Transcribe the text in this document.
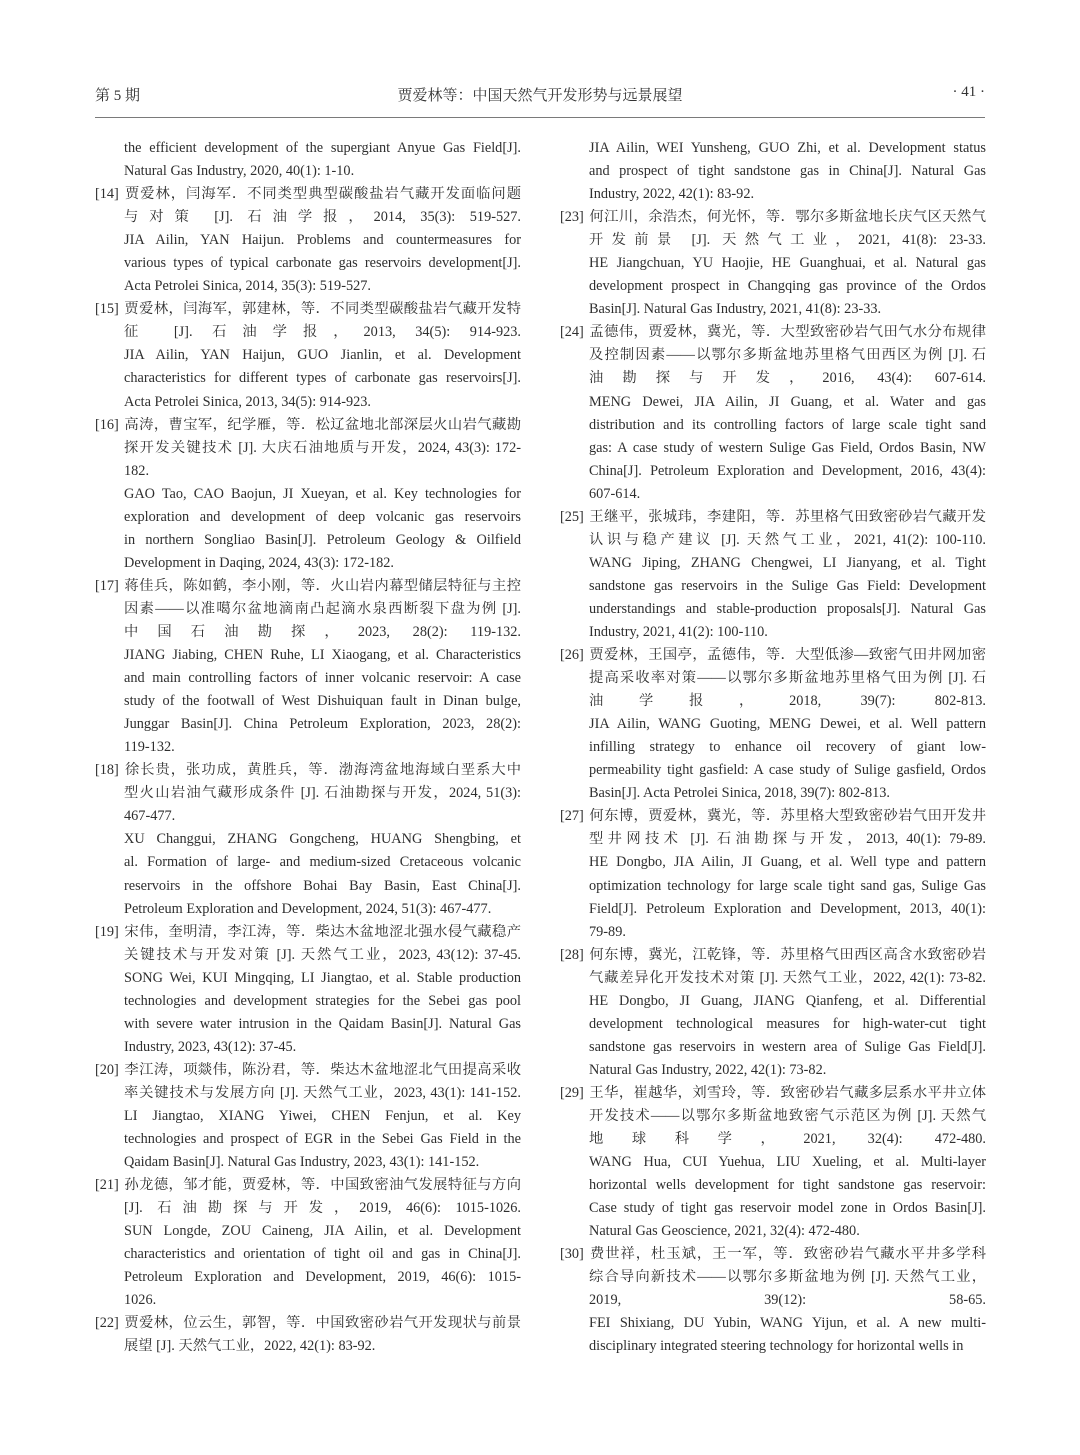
第 5 期	贾爱林等：中国天然气开发形势与远景展望	· 41 ·
the efficient development of the supergiant Anyue Gas Field[J].
Natural Gas Industry, 2020, 40(1): 1-10.
[14] 贾爱林，闫海军．不同类型典型碳酸盐岩气藏开发面临问题
与对策 [J]. 石油学报，2014, 35(3): 519-527.
JIA Ailin, YAN Haijun. Problems and countermeasures for
various types of typical carbonate gas reservoirs development[J].
Acta Petrolei Sinica, 2014, 35(3): 519-527.
[15] 贾爱林，闫海军，郭建林，等．不同类型碳酸盐岩气藏开发特
征 [J]. 石油学报，2013, 34(5): 914-923.
JIA Ailin, YAN Haijun, GUO Jianlin, et al. Development
characteristics for different types of carbonate gas reservoirs[J].
Acta Petrolei Sinica, 2013, 34(5): 914-923.
[16] 高涛，曹宝军，纪学雁，等．松辽盆地北部深层火山岩气藏勘
探开发关键技术 [J]. 大庆石油地质与开发，2024, 43(3): 172-
182.
GAO Tao, CAO Baojun, JI Xueyan, et al. Key technologies for
exploration and development of deep volcanic gas reservoirs
in northern Songliao Basin[J]. Petroleum Geology & Oilfield
Development in Daqing, 2024, 43(3): 172-182.
[17] 蒋佳兵，陈如鹤，李小刚，等．火山岩内幕型储层特征与主控
因素——以准噶尔盆地滴南凸起滴水泉西断裂下盘为例 [J].
中国石油勘探，2023, 28(2): 119-132.
JIANG Jiabing, CHEN Ruhe, LI Xiaogang, et al. Characteristics
and main controlling factors of inner volcanic reservoir: A case
study of the footwall of West Dishuiquan fault in Dinan bulge,
Junggar Basin[J]. China Petroleum Exploration, 2023, 28(2):
119-132.
[18] 徐长贵，张功成，黄胜兵，等．渤海湾盆地海域白垩系大中
型火山岩油气藏形成条件 [J]. 石油勘探与开发，2024, 51(3):
467-477.
XU Changgui, ZHANG Gongcheng, HUANG Shengbing, et
al. Formation of large- and medium-sized Cretaceous volcanic
reservoirs in the offshore Bohai Bay Basin, East China[J].
Petroleum Exploration and Development, 2024, 51(3): 467-477.
[19] 宋伟，奎明清，李江涛，等．柴达木盆地涩北强水侵气藏稳产
关键技术与开发对策 [J]. 天然气工业，2023, 43(12): 37-45.
SONG Wei, KUI Mingqing, LI Jiangtao, et al. Stable production
technologies and development strategies for the Sebei gas pool
with severe water intrusion in the Qaidam Basin[J]. Natural Gas
Industry, 2023, 43(12): 37-45.
[20] 李江涛，项燚伟，陈汾君，等．柴达木盆地涩北气田提高采收
率关键技术与发展方向 [J]. 天然气工业，2023, 43(1): 141-152.
LI Jiangtao, XIANG Yiwei, CHEN Fenjun, et al. Key
technologies and prospect of EGR in the Sebei Gas Field in the
Qaidam Basin[J]. Natural Gas Industry, 2023, 43(1): 141-152.
[21] 孙龙德，邹才能，贾爱林，等．中国致密油气发展特征与方向
[J]. 石油勘探与开发，2019, 46(6): 1015-1026.
SUN Longde, ZOU Caineng, JIA Ailin, et al. Development
characteristics and orientation of tight oil and gas in China[J].
Petroleum Exploration and Development, 2019, 46(6): 1015-
1026.
[22] 贾爱林，位云生，郭智，等．中国致密砂岩气开发现状与前景
展望 [J]. 天然气工业，2022, 42(1): 83-92.
JIA Ailin, WEI Yunsheng, GUO Zhi, et al. Development status
and prospect of tight sandstone gas in China[J]. Natural Gas
Industry, 2022, 42(1): 83-92.
[23] 何江川，余浩杰，何光怀，等．鄂尔多斯盆地长庆气区天然气
开发前景 [J]. 天然气工业，2021, 41(8): 23-33.
HE Jiangchuan, YU Haojie, HE Guanghuai, et al. Natural gas
development prospect in Changqing gas province of the Ordos
Basin[J]. Natural Gas Industry, 2021, 41(8): 23-33.
[24] 孟德伟，贾爱林，冀光，等．大型致密砂岩气田气水分布规律
及控制因素——以鄂尔多斯盆地苏里格气田西区为例 [J]. 石
油勘探与开发，2016, 43(4): 607-614.
MENG Dewei, JIA Ailin, JI Guang, et al. Water and gas
distribution and its controlling factors of large scale tight sand
gas: A case study of western Sulige Gas Field, Ordos Basin, NW
China[J]. Petroleum Exploration and Development, 2016, 43(4):
607-614.
[25] 王继平，张城玮，李建阳，等．苏里格气田致密砂岩气藏开发
认识与稳产建议 [J]. 天然气工业，2021, 41(2): 100-110.
WANG Jiping, ZHANG Chengwei, LI Jianyang, et al. Tight
sandstone gas reservoirs in the Sulige Gas Field: Development
understandings and stable-production proposals[J]. Natural Gas
Industry, 2021, 41(2): 100-110.
[26] 贾爱林，王国亭，孟德伟，等．大型低渗—致密气田井网加密
提高采收率对策——以鄂尔多斯盆地苏里格气田为例 [J]. 石
油学报，2018, 39(7): 802-813.
JIA Ailin, WANG Guoting, MENG Dewei, et al. Well pattern
infilling strategy to enhance oil recovery of giant low-
permeability tight gasfield: A case study of Sulige gasfield, Ordos
Basin[J]. Acta Petrolei Sinica, 2018, 39(7): 802-813.
[27] 何东博，贾爱林，冀光，等．苏里格大型致密砂岩气田开发井
型井网技术 [J]. 石油勘探与开发，2013, 40(1): 79-89.
HE Dongbo, JIA Ailin, JI Guang, et al. Well type and pattern
optimization technology for large scale tight sand gas, Sulige Gas
Field[J]. Petroleum Exploration and Development, 2013, 40(1):
79-89.
[28] 何东博，冀光，江乾锋，等．苏里格气田西区高含水致密砂岩
气藏差异化开发技术对策 [J]. 天然气工业，2022, 42(1): 73-82.
HE Dongbo, JI Guang, JIANG Qianfeng, et al. Differential
development technological measures for high-water-cut tight
sandstone gas reservoirs in western area of Sulige Gas Field[J].
Natural Gas Industry, 2022, 42(1): 73-82.
[29] 王华，崔越华，刘雪玲，等．致密砂岩气藏多层系水平井立体
开发技术——以鄂尔多斯盆地致密气示范区为例 [J]. 天然气
地球科学，2021, 32(4): 472-480.
WANG Hua, CUI Yuehua, LIU Xueling, et al. Multi-layer
horizontal wells development for tight sandstone gas reservoir:
Case study of tight gas reservoir model zone in Ordos Basin[J].
Natural Gas Geoscience, 2021, 32(4): 472-480.
[30] 费世祥，杜玉斌，王一军，等．致密砂岩气藏水平井多学科
综合导向新技术——以鄂尔多斯盆地为例 [J]. 天然气工业，
2019, 39(12): 58-65.
FEI Shixiang, DU Yubin, WANG Yijun, et al. A new multi-
disciplinary integrated steering technology for horizontal wells in
